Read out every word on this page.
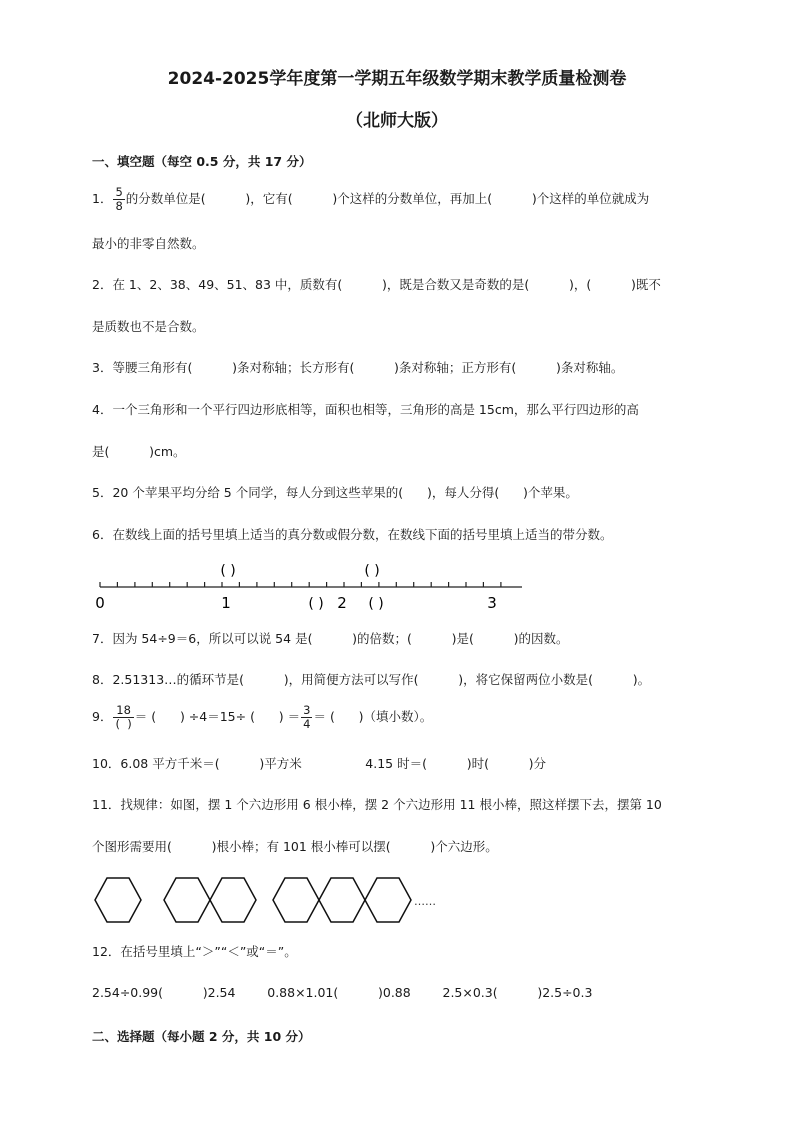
2024-2025学年度第一学期五年级数学期末教学质量检测卷
（北师大版）
一、填空题（每空 0.5 分，共 17 分）
1． $\frac{5}{8}$ 的分数单位是(          )，它有(          )个这样的分数单位，再加上(          )个这样的单位就成为
最小的非零自然数。
2．在 1、2、38、49、51、83 中，质数有(          )，既是合数又是奇数的是(          )，(          )既不
是质数也不是合数。
3．等腰三角形有(          )条对称轴；长方形有(          )条对称轴；正方形有(          )条对称轴。
4．一个三角形和一个平行四边形底相等，面积也相等，三角形的高是 15cm，那么平行四边形的高
是(          )cm。
5．20 个苹果平均分给 5 个同学，每人分到这些苹果的(      )，每人分得(      )个苹果。
6．在数线上面的括号里填上适当的真分数或假分数，在数线下面的括号里填上适当的带分数。
( )	( )
0	1	( ) 2 ( )	3
7．因为 54÷9＝6，所以可以说 54 是(          )的倍数；(          )是(          )的因数。
8．2.51313…的循环节是(          )，用简便方法可以写作(          )，将它保留两位小数是(          )。
9． $\frac{18}{( )}$ ＝ (      ) ÷4＝15÷ (      ) ＝ $\frac{3}{4}$ ＝ (      )（填小数）。
10．6.08 平方千米＝(          )平方米                4.15 时＝(          )时(          )分
11．找规律：如图，摆 1 个六边形用 6 根小棒，摆 2 个六边形用 11 根小棒，照这样摆下去，摆第 10
个图形需要用(          )根小棒；有 101 根小棒可以摆(          )个六边形。
……
12．在括号里填上“＞”“＜”或“＝”。
2.54÷0.99(          )2.54        0.88×1.01(          )0.88        2.5×0.3(          )2.5÷0.3
二、选择题（每小题 2 分，共 10 分）
